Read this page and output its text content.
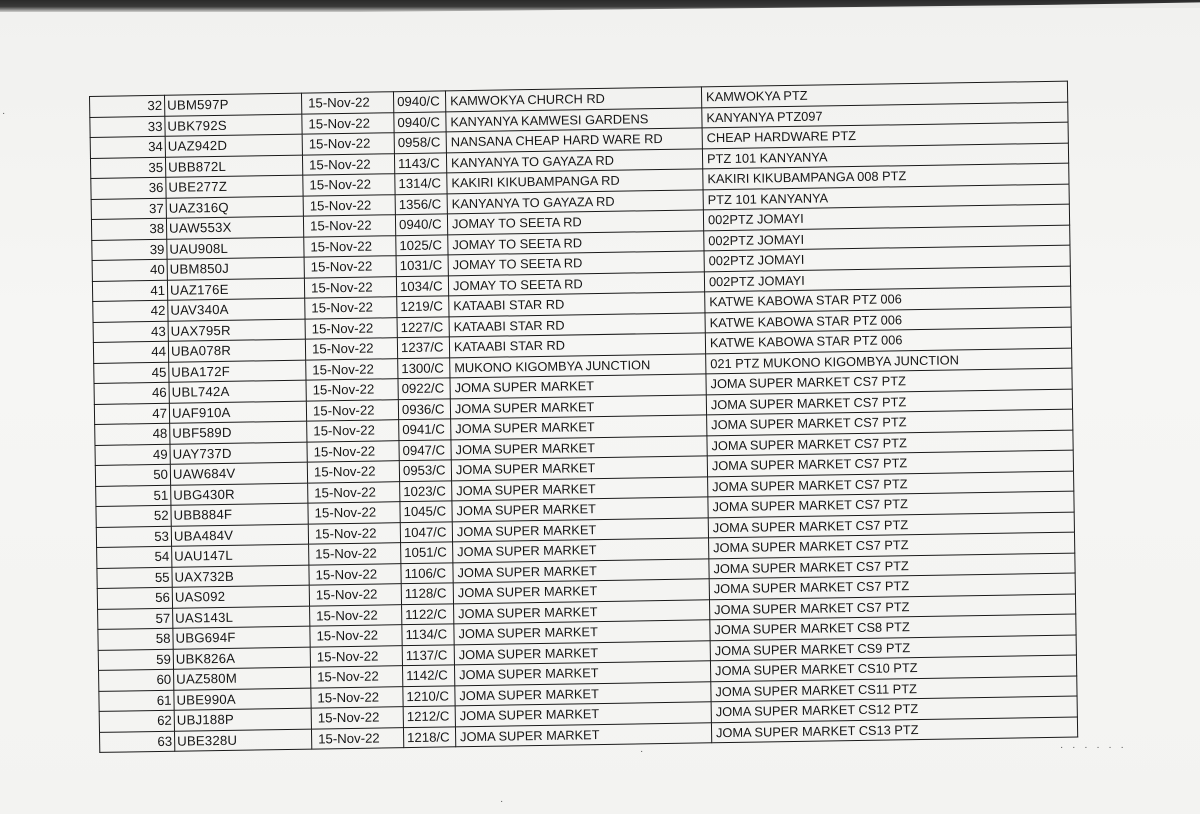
·
· · · · · ·
·
·
32	UBM597P	15-Nov-22	0940/C	KAMWOKYA CHURCH RD	KAMWOKYA PTZ
33	UBK792S	15-Nov-22	0940/C	KANYANYA KAMWESI GARDENS	KANYANYA PTZ097
34	UAZ942D	15-Nov-22	0958/C	NANSANA CHEAP HARD WARE RD	CHEAP HARDWARE PTZ
35	UBB872L	15-Nov-22	1143/C	KANYANYA TO GAYAZA RD	PTZ 101 KANYANYA
36	UBE277Z	15-Nov-22	1314/C	KAKIRI KIKUBAMPANGA RD	KAKIRI KIKUBAMPANGA 008 PTZ
37	UAZ316Q	15-Nov-22	1356/C	KANYANYA TO GAYAZA RD	PTZ 101 KANYANYA
38	UAW553X	15-Nov-22	0940/C	JOMAY TO SEETA RD	002PTZ JOMAYI
39	UAU908L	15-Nov-22	1025/C	JOMAY TO SEETA RD	002PTZ JOMAYI
40	UBM850J	15-Nov-22	1031/C	JOMAY TO SEETA RD	002PTZ JOMAYI
41	UAZ176E	15-Nov-22	1034/C	JOMAY TO SEETA RD	002PTZ JOMAYI
42	UAV340A	15-Nov-22	1219/C	KATAABI STAR RD	KATWE KABOWA STAR PTZ 006
43	UAX795R	15-Nov-22	1227/C	KATAABI STAR RD	KATWE KABOWA STAR PTZ 006
44	UBA078R	15-Nov-22	1237/C	KATAABI STAR RD	KATWE KABOWA STAR PTZ 006
45	UBA172F	15-Nov-22	1300/C	MUKONO KIGOMBYA JUNCTION	021 PTZ MUKONO KIGOMBYA JUNCTION
46	UBL742A	15-Nov-22	0922/C	JOMA SUPER MARKET	JOMA SUPER MARKET CS7 PTZ
47	UAF910A	15-Nov-22	0936/C	JOMA SUPER MARKET	JOMA SUPER MARKET CS7 PTZ
48	UBF589D	15-Nov-22	0941/C	JOMA SUPER MARKET	JOMA SUPER MARKET CS7 PTZ
49	UAY737D	15-Nov-22	0947/C	JOMA SUPER MARKET	JOMA SUPER MARKET CS7 PTZ
50	UAW684V	15-Nov-22	0953/C	JOMA SUPER MARKET	JOMA SUPER MARKET CS7 PTZ
51	UBG430R	15-Nov-22	1023/C	JOMA SUPER MARKET	JOMA SUPER MARKET CS7 PTZ
52	UBB884F	15-Nov-22	1045/C	JOMA SUPER MARKET	JOMA SUPER MARKET CS7 PTZ
53	UBA484V	15-Nov-22	1047/C	JOMA SUPER MARKET	JOMA SUPER MARKET CS7 PTZ
54	UAU147L	15-Nov-22	1051/C	JOMA SUPER MARKET	JOMA SUPER MARKET CS7 PTZ
55	UAX732B	15-Nov-22	1106/C	JOMA SUPER MARKET	JOMA SUPER MARKET CS7 PTZ
56	UAS092	15-Nov-22	1128/C	JOMA SUPER MARKET	JOMA SUPER MARKET CS7 PTZ
57	UAS143L	15-Nov-22	1122/C	JOMA SUPER MARKET	JOMA SUPER MARKET CS7 PTZ
58	UBG694F	15-Nov-22	1134/C	JOMA SUPER MARKET	JOMA SUPER MARKET CS8 PTZ
59	UBK826A	15-Nov-22	1137/C	JOMA SUPER MARKET	JOMA SUPER MARKET CS9 PTZ
60	UAZ580M	15-Nov-22	1142/C	JOMA SUPER MARKET	JOMA SUPER MARKET CS10 PTZ
61	UBE990A	15-Nov-22	1210/C	JOMA SUPER MARKET	JOMA SUPER MARKET CS11 PTZ
62	UBJ188P	15-Nov-22	1212/C	JOMA SUPER MARKET	JOMA SUPER MARKET CS12 PTZ
63	UBE328U	15-Nov-22	1218/C	JOMA SUPER MARKET	JOMA SUPER MARKET CS13 PTZ
